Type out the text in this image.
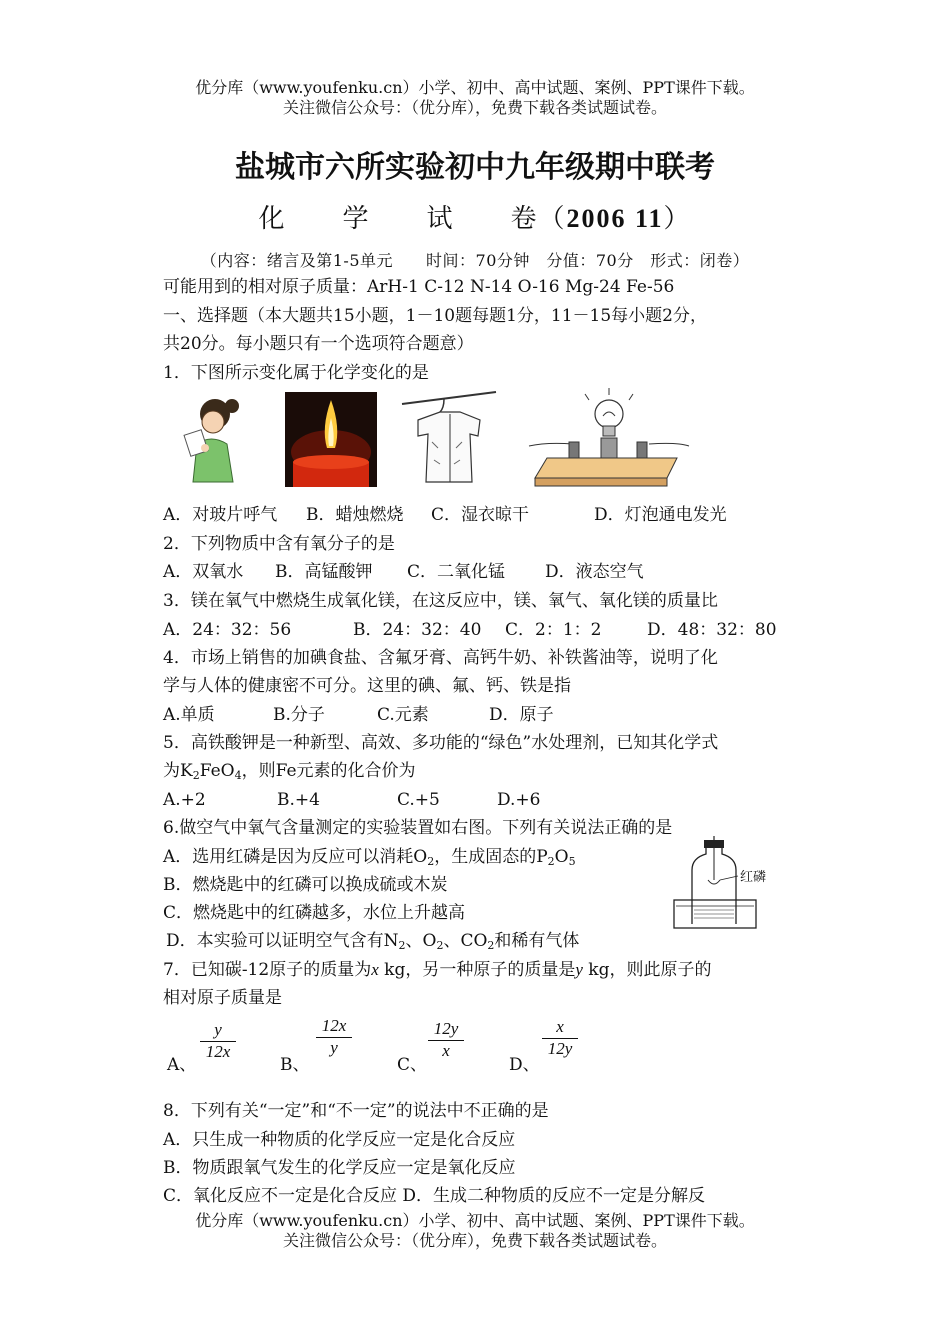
优分库（www.youfenku.cn）小学、初中、高中试题、案例、PPT课件下载。
关注微信公众号：（优分库），免费下载各类试题试卷。
盐城市六所实验初中九年级期中联考
化　　学　　试　　卷（2006 11）
（内容：绪言及第1-5单元　　时间：70分钟　分值：70分　形式：闭卷）
可能用到的相对原子质量：ArH-1 C-12 N-14 O-16 Mg-24 Fe-56
一、选择题（本大题共15小题，1－10题每题1分，11－15每小题2分，
共20分。每小题只有一个选项符合题意）
1．下图所示变化属于化学变化的是
A．对玻片呼气 B．蜡烛燃烧 C．湿衣晾干	D．灯泡通电发光
2．下列物质中含有氧分子的是
A．双氧水 B．高锰酸钾 C．二氧化锰 D．液态空气
3．镁在氧气中燃烧生成氧化镁，在这反应中，镁、氧气、氧化镁的质量比
A．24：32：56	B．24：32：40 C．2：1：2	D．48：32：80
4．市场上销售的加碘食盐、含氟牙膏、高钙牛奶、补铁酱油等，说明了化
学与人体的健康密不可分。这里的碘、氟、钙、铁是指
A.单质	B.分子	C.元素	D．原子
5．高铁酸钾是一种新型、高效、多功能的“绿色”水处理剂，已知其化学式
为$K_2FeO_4$，则Fe元素的化合价为
A.+2	B.+4	C.+5	D.+6
6.做空气中氧气含量测定的实验装置如右图。下列有关说法正确的是
A．选用红磷是因为反应可以消耗$O_2$，生成固态的$P_2O_5$
B．燃烧匙中的红磷可以换成硫或木炭
C．燃烧匙中的红磷越多，水位上升越高
D．本实验可以证明空气含有$N_2$、$O_2$、$CO_2$和稀有气体
红磷
7．已知碳-12原子的质量为x kg，另一种原子的质量是y kg，则此原子的
相对原子质量是
A、
$\frac{y}{12x}$
B、
$\frac{12x}{y}$
C、
$\frac{12y}{x}$
D、
$\frac{x}{12y}$
8．下列有关“一定”和“不一定”的说法中不正确的是
A．只生成一种物质的化学反应一定是化合反应
B．物质跟氧气发生的化学反应一定是氧化反应
C．氧化反应不一定是化合反应 D．生成二种物质的反应不一定是分解反
优分库（www.youfenku.cn）小学、初中、高中试题、案例、PPT课件下载。
关注微信公众号：（优分库），免费下载各类试题试卷。
